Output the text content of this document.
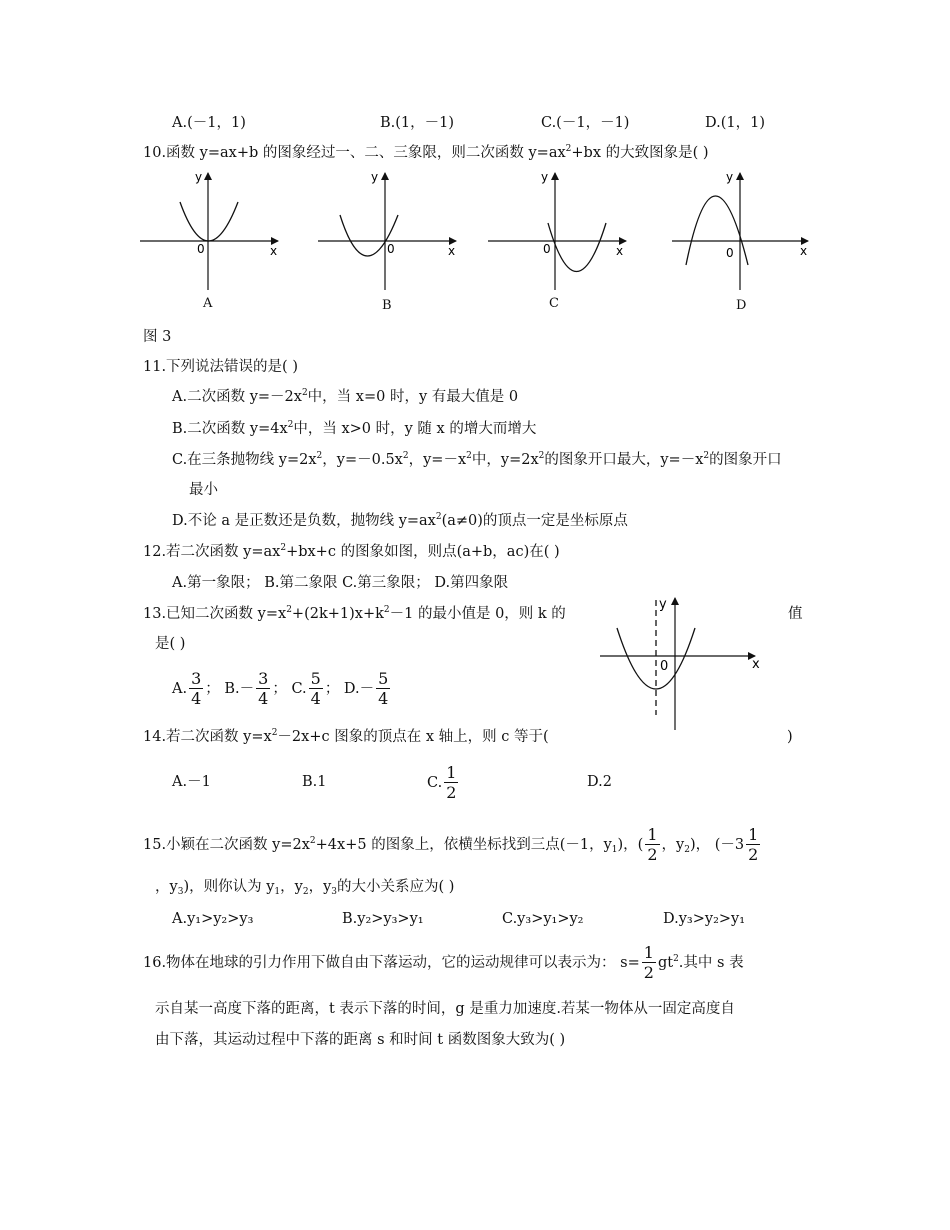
A.(－1，1)	B.(1，－1)	C.(－1，－1)	D.(1，1)
10.函数 y=ax+b 的图象经过一、二、三象限，则二次函数 $y=ax^2+bx$ 的大致图象是( )
y
x
0
y
x
0
y
x
0
y
x
0
A	B	C	D
图 3
11.下列说法错误的是( )
A.二次函数 $y=-2x^2$中，当 x=0 时，y 有最大值是 0
B.二次函数 $y=4x^2$中，当 x>0 时，y 随 x 的增大而增大
C.在三条抛物线 $y=2x^2$，$y=-0.5x^2$，$y=-x^2$中，$y=2x^2$的图象开口最大，$y=-x^2$的图象开口
最小
D.不论 a 是正数还是负数，抛物线 $y=ax^2(a\ne 0)$的顶点一定是坐标原点
12.若二次函数 $y=ax^2+bx+c$ 的图象如图，则点(a+b，ac)在( )
A.第一象限； B.第二象限 C.第三象限； D.第四象限
13.已知二次函数 $y=x^2+(2k+1)x+k^2-1$ 的最小值是 0，则 k 的	值
是( )
A. $\frac{3}{4}$ ； $B.- \frac{3}{4}$ ； C. $\frac{5}{4}$ ； $D.- \frac{5}{4}$
y
x
0
14.若二次函数 $y=x^2-2x+c$ 图象的顶点在 x 轴上，则 c 等于(	)
A.－1	B.1	C. $\frac{1}{2}$	D.2
15.小颖在二次函数 $y=2x^2+4x+5$ 的图象上，依横坐标找到三点(－1，$y_1$)，( $\frac{1}{2}$ ，$y_2$)， ($-3 \frac{1}{2}$
，$y_3$)，则你认为 $y_1$，$y_2$，$y_3$的大小关系应为( )
A.y₁>y₂>y₃	B.y₂>y₃>y₁	C.y₃>y₁>y₂	D.y₃>y₂>y₁
16.物体在地球的引力作用下做自由下落运动，它的运动规律可以表示为： $s= \frac{1}{2} gt^2$.其中 s 表
示自某一高度下落的距离，t 表示下落的时间，g 是重力加速度.若某一物体从一固定高度自
由下落，其运动过程中下落的距离 s 和时间 t 函数图象大致为( )
